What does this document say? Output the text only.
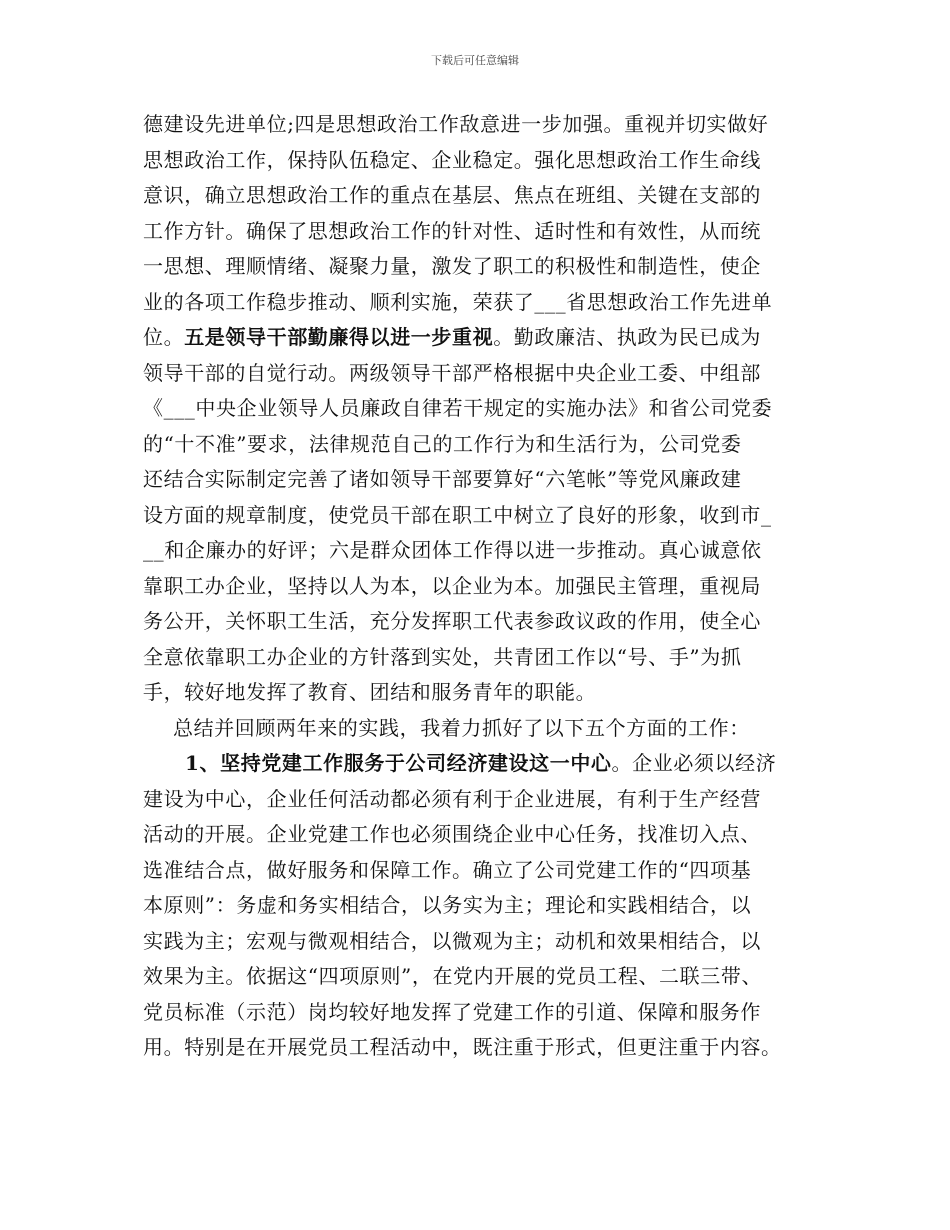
下载后可任意编辑
德建设先进单位;四是思想政治工作敌意进一步加强。重视并切实做好
思想政治工作，保持队伍稳定、企业稳定。强化思想政治工作生命线
意识，确立思想政治工作的重点在基层、焦点在班组、关键在支部的
工作方针。确保了思想政治工作的针对性、适时性和有效性，从而统
一思想、理顺情绪、凝聚力量，激发了职工的积极性和制造性，使企
业的各项工作稳步推动、顺利实施，荣获了___省思想政治工作先进单
位。五是领导干部勤廉得以进一步重视。勤政廉洁、执政为民已成为
领导干部的自觉行动。两级领导干部严格根据中央企业工委、中组部
《___中央企业领导人员廉政自律若干规定的实施办法》和省公司党委
的“十不准”要求，法律规范自己的工作行为和生活行为，公司党委
还结合实际制定完善了诸如领导干部要算好“六笔帐”等党风廉政建
设方面的规章制度，使党员干部在职工中树立了良好的形象，收到市_
__和企廉办的好评；六是群众团体工作得以进一步推动。真心诚意依
靠职工办企业，坚持以人为本，以企业为本。加强民主管理，重视局
务公开，关怀职工生活，充分发挥职工代表参政议政的作用，使全心
全意依靠职工办企业的方针落到实处，共青团工作以“号、手”为抓
手，较好地发挥了教育、团结和服务青年的职能。
总结并回顾两年来的实践，我着力抓好了以下五个方面的工作：
1、坚持党建工作服务于公司经济建设这一中心。企业必须以经济
建设为中心，企业任何活动都必须有利于企业进展，有利于生产经营
活动的开展。企业党建工作也必须围绕企业中心任务，找准切入点、
选准结合点，做好服务和保障工作。确立了公司党建工作的“四项基
本原则”：务虚和务实相结合，以务实为主；理论和实践相结合，以
实践为主；宏观与微观相结合，以微观为主；动机和效果相结合，以
效果为主。依据这“四项原则”，在党内开展的党员工程、二联三带、
党员标准（示范）岗均较好地发挥了党建工作的引道、保障和服务作
用。特别是在开展党员工程活动中，既注重于形式，但更注重于内容。
